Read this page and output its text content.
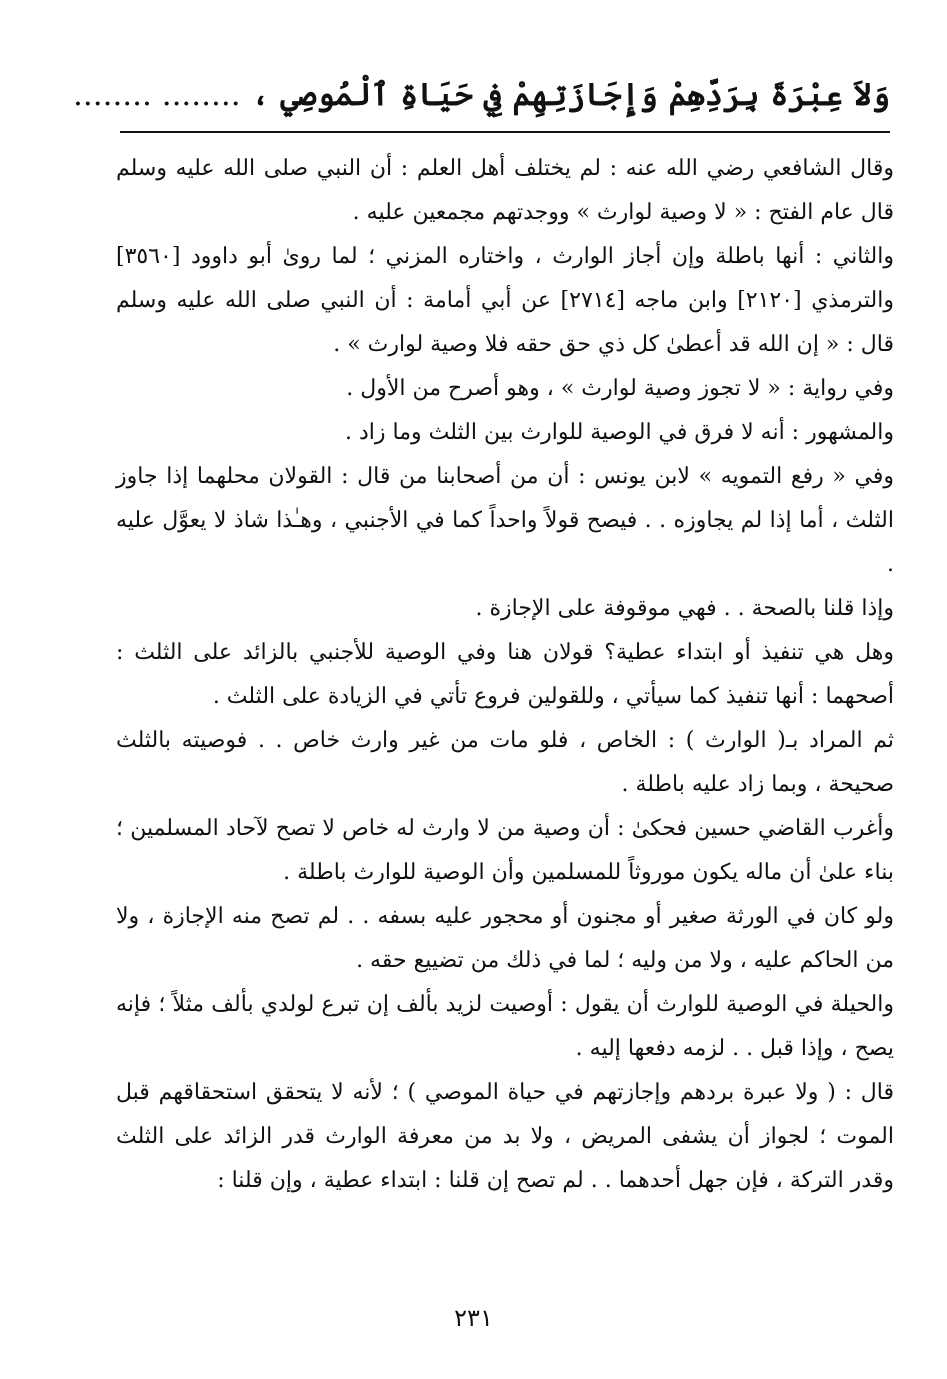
وَلاَ عِبْرَةَ بِرَدِّهِمْ وَإِجَازَتِهِمْ فِي حَيَاةِ ٱلْمُوصِي ، ........ ........

وقال الشافعي رضي الله عنه : لم يختلف أهل العلم : أن النبي صلى الله عليه وسلم قال عام الفتح : « لا وصية لوارث » ووجدتهم مجمعين عليه .

والثاني : أنها باطلة وإن أجاز الوارث ، واختاره المزني ؛ لما روىٰ أبو داوود [٣٥٦٠] والترمذي [٢١٢٠] وابن ماجه [٢٧١٤] عن أبي أمامة : أن النبي صلى الله عليه وسلم قال : « إن الله قد أعطىٰ كل ذي حق حقه فلا وصية لوارث » .

وفي رواية : « لا تجوز وصية لوارث » ، وهو أصرح من الأول .

والمشهور : أنه لا فرق في الوصية للوارث بين الثلث وما زاد .

وفي « رفع التمويه » لابن يونس : أن من أصحابنا من قال : القولان محلهما إذا جاوز الثلث ، أما إذا لم يجاوزه . . فيصح قولاً واحداً كما في الأجنبي ، وهـٰذا شاذ لا يعوَّل عليه .

وإذا قلنا بالصحة . . فهي موقوفة على الإجازة .

وهل هي تنفيذ أو ابتداء عطية؟ قولان هنا وفي الوصية للأجنبي بالزائد على الثلث : أصحهما : أنها تنفيذ كما سيأتي ، وللقولين فروع تأتي في الزيادة على الثلث .

ثم المراد بـ( الوارث ) : الخاص ، فلو مات من غير وارث خاص . . فوصيته بالثلث صحيحة ، وبما زاد عليه باطلة .

وأغرب القاضي حسين فحكىٰ : أن وصية من لا وارث له خاص لا تصح لآحاد المسلمين ؛ بناء علىٰ أن ماله يكون موروثاً للمسلمين وأن الوصية للوارث باطلة .

ولو كان في الورثة صغير أو مجنون أو محجور عليه بسفه . . لم تصح منه الإجازة ، ولا من الحاكم عليه ، ولا من وليه ؛ لما في ذلك من تضييع حقه .

والحيلة في الوصية للوارث أن يقول : أوصيت لزيد بألف إن تبرع لولدي بألف مثلاً ؛ فإنه يصح ، وإذا قبل . . لزمه دفعها إليه .

قال : ( ولا عبرة بردهم وإجازتهم في حياة الموصي ) ؛ لأنه لا يتحقق استحقاقهم قبل الموت ؛ لجواز أن يشفى المريض ، ولا بد من معرفة الوارث قدر الزائد على الثلث وقدر التركة ، فإن جهل أحدهما . . لم تصح إن قلنا : ابتداء عطية ، وإن قلنا :

٢٣١
